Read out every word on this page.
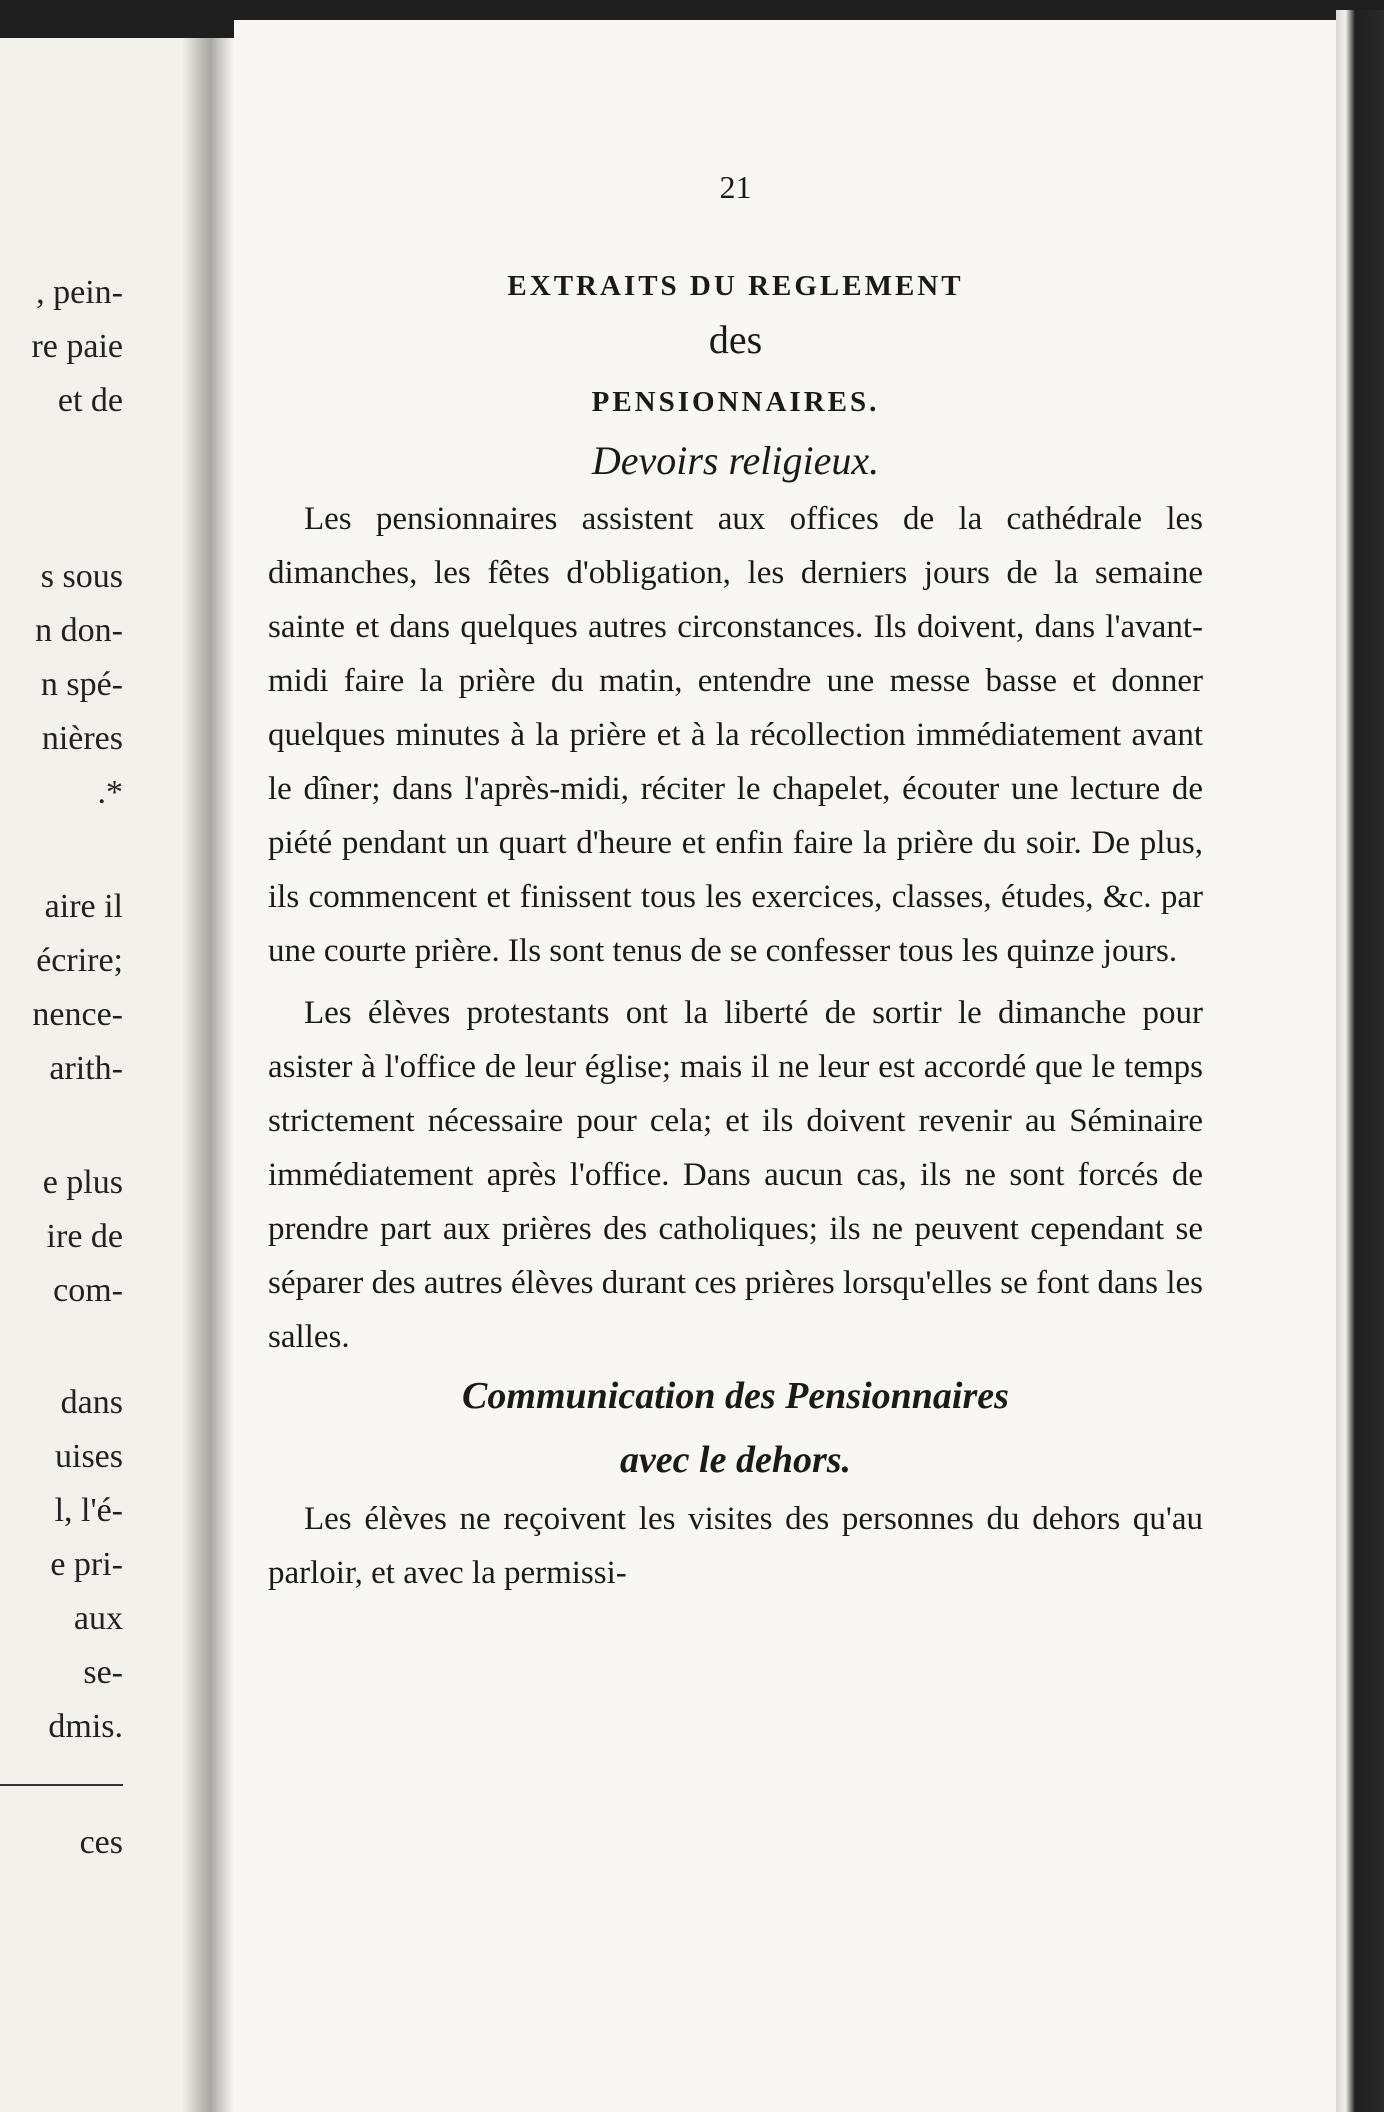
, pein-

re paie

et de

s sous

n don-

n spé-

nières

.*

aire il

écrire;

nence-

arith-

e plus

ire de

com-

dans

uises

l, l'é-

e pri-

aux

se-

dmis.

ces

21

EXTRAITS DU REGLEMENT

des

PENSIONNAIRES.

Devoirs religieux.

Les pensionnaires assistent aux offices de la cathédrale les dimanches, les fêtes d'obligation, les derniers jours de la semaine sainte et dans quelques autres circonstances. Ils doivent, dans l'avant-midi faire la prière du matin, entendre une messe basse et donner quelques minutes à la prière et à la récollection immédiatement avant le dîner; dans l'après-midi, réciter le chapelet, écouter une lecture de piété pendant un quart d'heure et enfin faire la prière du soir. De plus, ils commencent et finissent tous les exercices, classes, études, &c. par une courte prière. Ils sont tenus de se confesser tous les quinze jours.

Les élèves protestants ont la liberté de sortir le dimanche pour asister à l'office de leur église; mais il ne leur est accordé que le temps strictement nécessaire pour cela; et ils doivent revenir au Séminaire immédiatement après l'office. Dans aucun cas, ils ne sont forcés de prendre part aux prières des catholiques; ils ne peuvent cependant se séparer des autres élèves durant ces prières lorsqu'elles se font dans les salles.

Communication des Pensionnaires

avec le dehors.

Les élèves ne reçoivent les visites des personnes du dehors qu'au parloir, et avec la permissi-
